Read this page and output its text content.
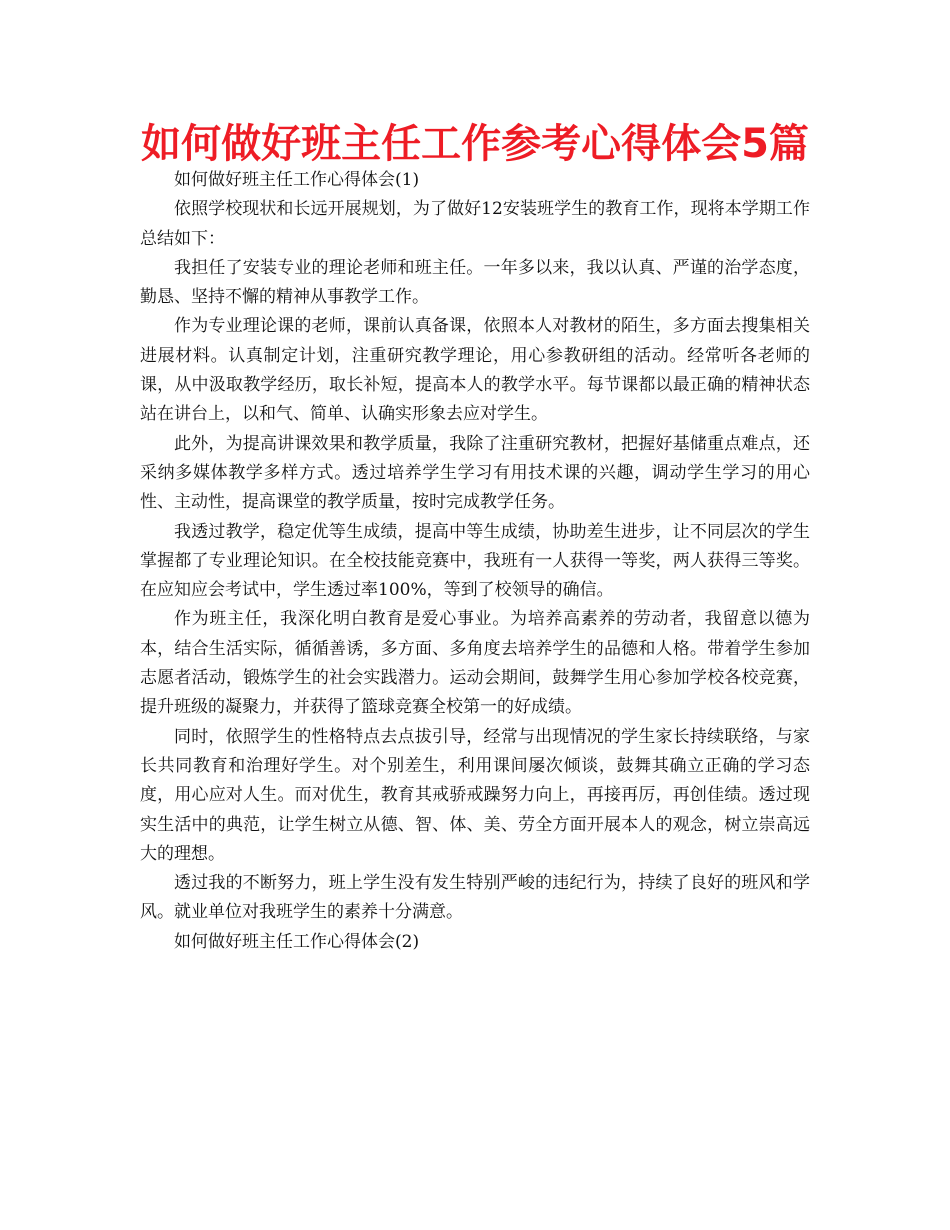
如何做好班主任工作参考心得体会5篇

如何做好班主任工作心得体会(1)

依照学校现状和长远开展规划，为了做好12安装班学生的教育工作，现将本学期工作总结如下：

我担任了安装专业的理论老师和班主任。一年多以来，我以认真、严谨的治学态度，勤恳、坚持不懈的精神从事教学工作。

作为专业理论课的老师，课前认真备课，依照本人对教材的陌生，多方面去搜集相关进展材料。认真制定计划，注重研究教学理论，用心参教研组的活动。经常听各老师的课，从中汲取教学经历，取长补短，提高本人的教学水平。每节课都以最正确的精神状态站在讲台上，以和气、简单、认确实形象去应对学生。

此外，为提高讲课效果和教学质量，我除了注重研究教材，把握好基储重点难点，还采纳多媒体教学多样方式。透过培养学生学习有用技术课的兴趣，调动学生学习的用心性、主动性，提高课堂的教学质量，按时完成教学任务。

我透过教学，稳定优等生成绩，提高中等生成绩，协助差生进步，让不同层次的学生掌握都了专业理论知识。在全校技能竞赛中，我班有一人获得一等奖，两人获得三等奖。在应知应会考试中，学生透过率100%，等到了校领导的确信。

作为班主任，我深化明白教育是爱心事业。为培养高素养的劳动者，我留意以德为本，结合生活实际，循循善诱，多方面、多角度去培养学生的品德和人格。带着学生参加志愿者活动，锻炼学生的社会实践潜力。运动会期间，鼓舞学生用心参加学校各校竞赛，提升班级的凝聚力，并获得了篮球竞赛全校第一的好成绩。

同时，依照学生的性格特点去点拔引导，经常与出现情况的学生家长持续联络，与家长共同教育和治理好学生。对个别差生，利用课间屡次倾谈，鼓舞其确立正确的学习态度，用心应对人生。而对优生，教育其戒骄戒躁努力向上，再接再厉，再创佳绩。透过现实生活中的典范，让学生树立从德、智、体、美、劳全方面开展本人的观念，树立崇高远大的理想。

透过我的不断努力，班上学生没有发生特别严峻的违纪行为，持续了良好的班风和学风。就业单位对我班学生的素养十分满意。

如何做好班主任工作心得体会(2)
